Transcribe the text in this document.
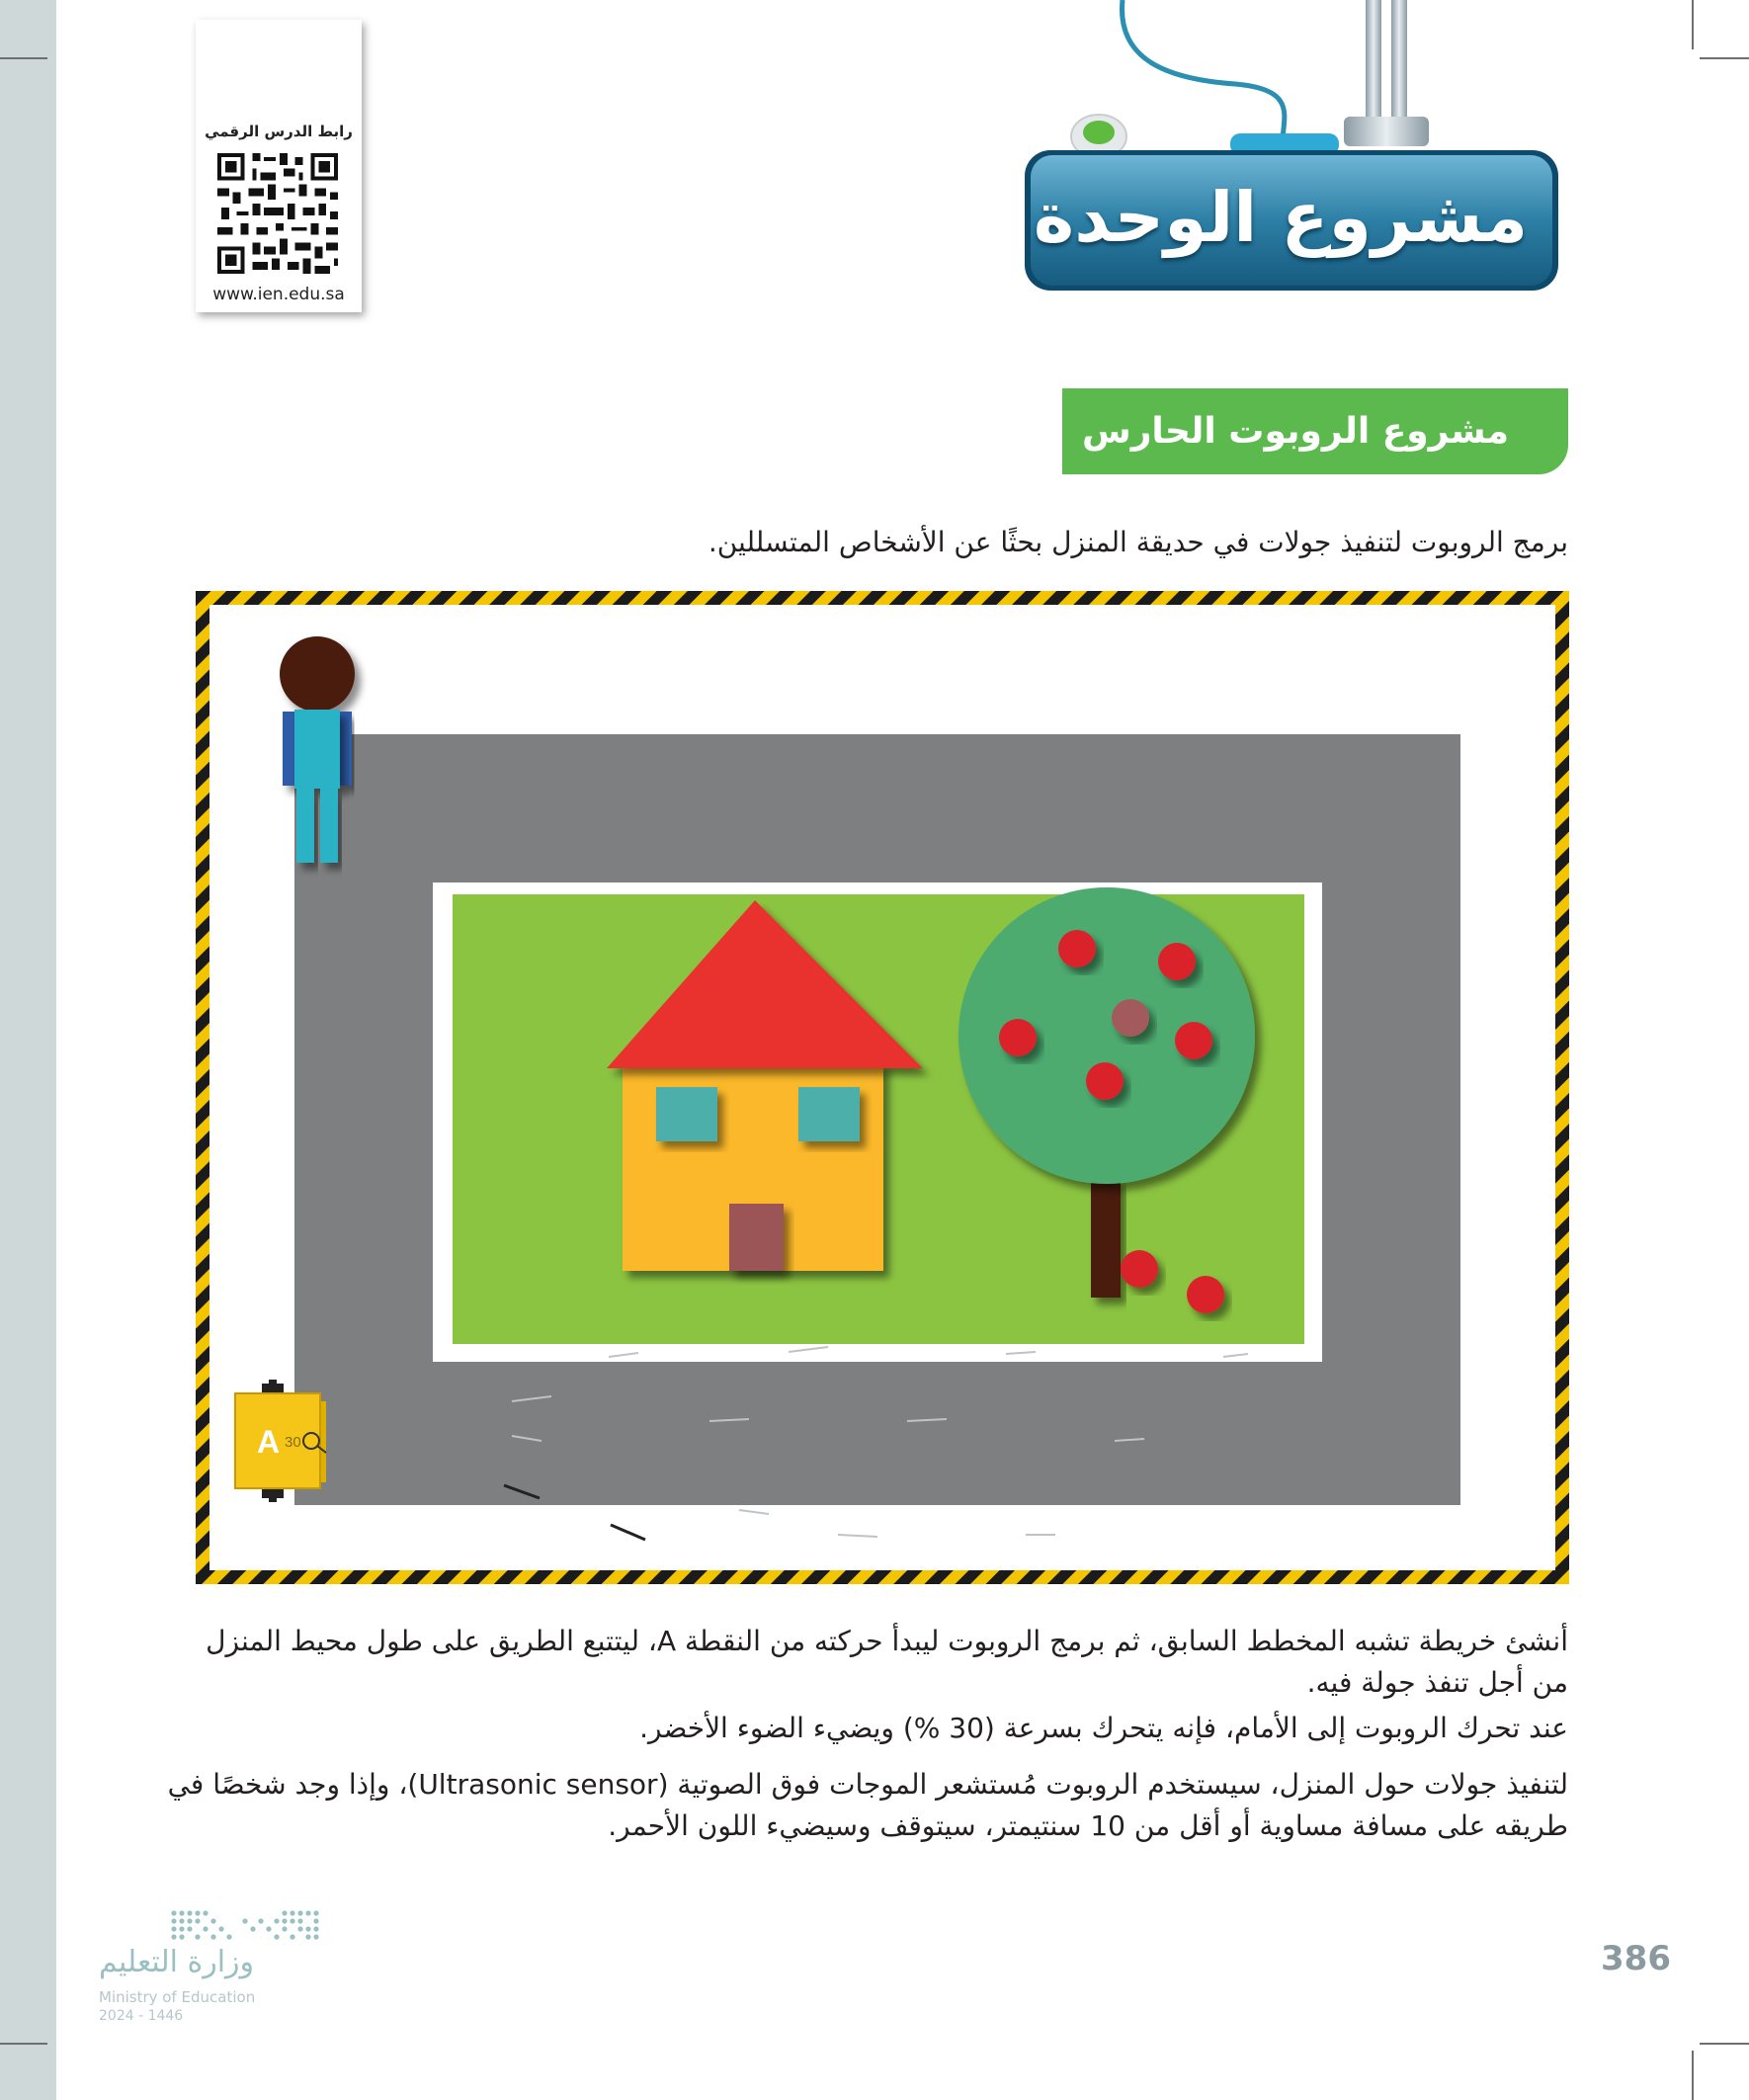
رابط الدرس الرقمي
www.ien.edu.sa
مشروع الوحدة
مشروع الروبوت الحارس
برمج الروبوت لتنفيذ جولات في حديقة المنزل بحثًا عن الأشخاص المتسللين.
A 30
أنشئ خريطة تشبه المخطط السابق، ثم برمج الروبوت ليبدأ حركته من النقطة A، ليتتبع الطريق على طول محيط المنزل من أجل تنفذ جولة فيه.
عند تحرك الروبوت إلى الأمام، فإنه يتحرك بسرعة (30 %) ويضيء الضوء الأخضر.
لتنفيذ جولات حول المنزل، سيستخدم الروبوت مُستشعر الموجات فوق الصوتية (Ultrasonic sensor)، وإذا وجد شخصًا في طريقه على مسافة مساوية أو أقل من 10 سنتيمتر، سيتوقف وسيضيء اللون الأحمر.
وزارة التعليم
Ministry of Education
2024 - 1446
386
